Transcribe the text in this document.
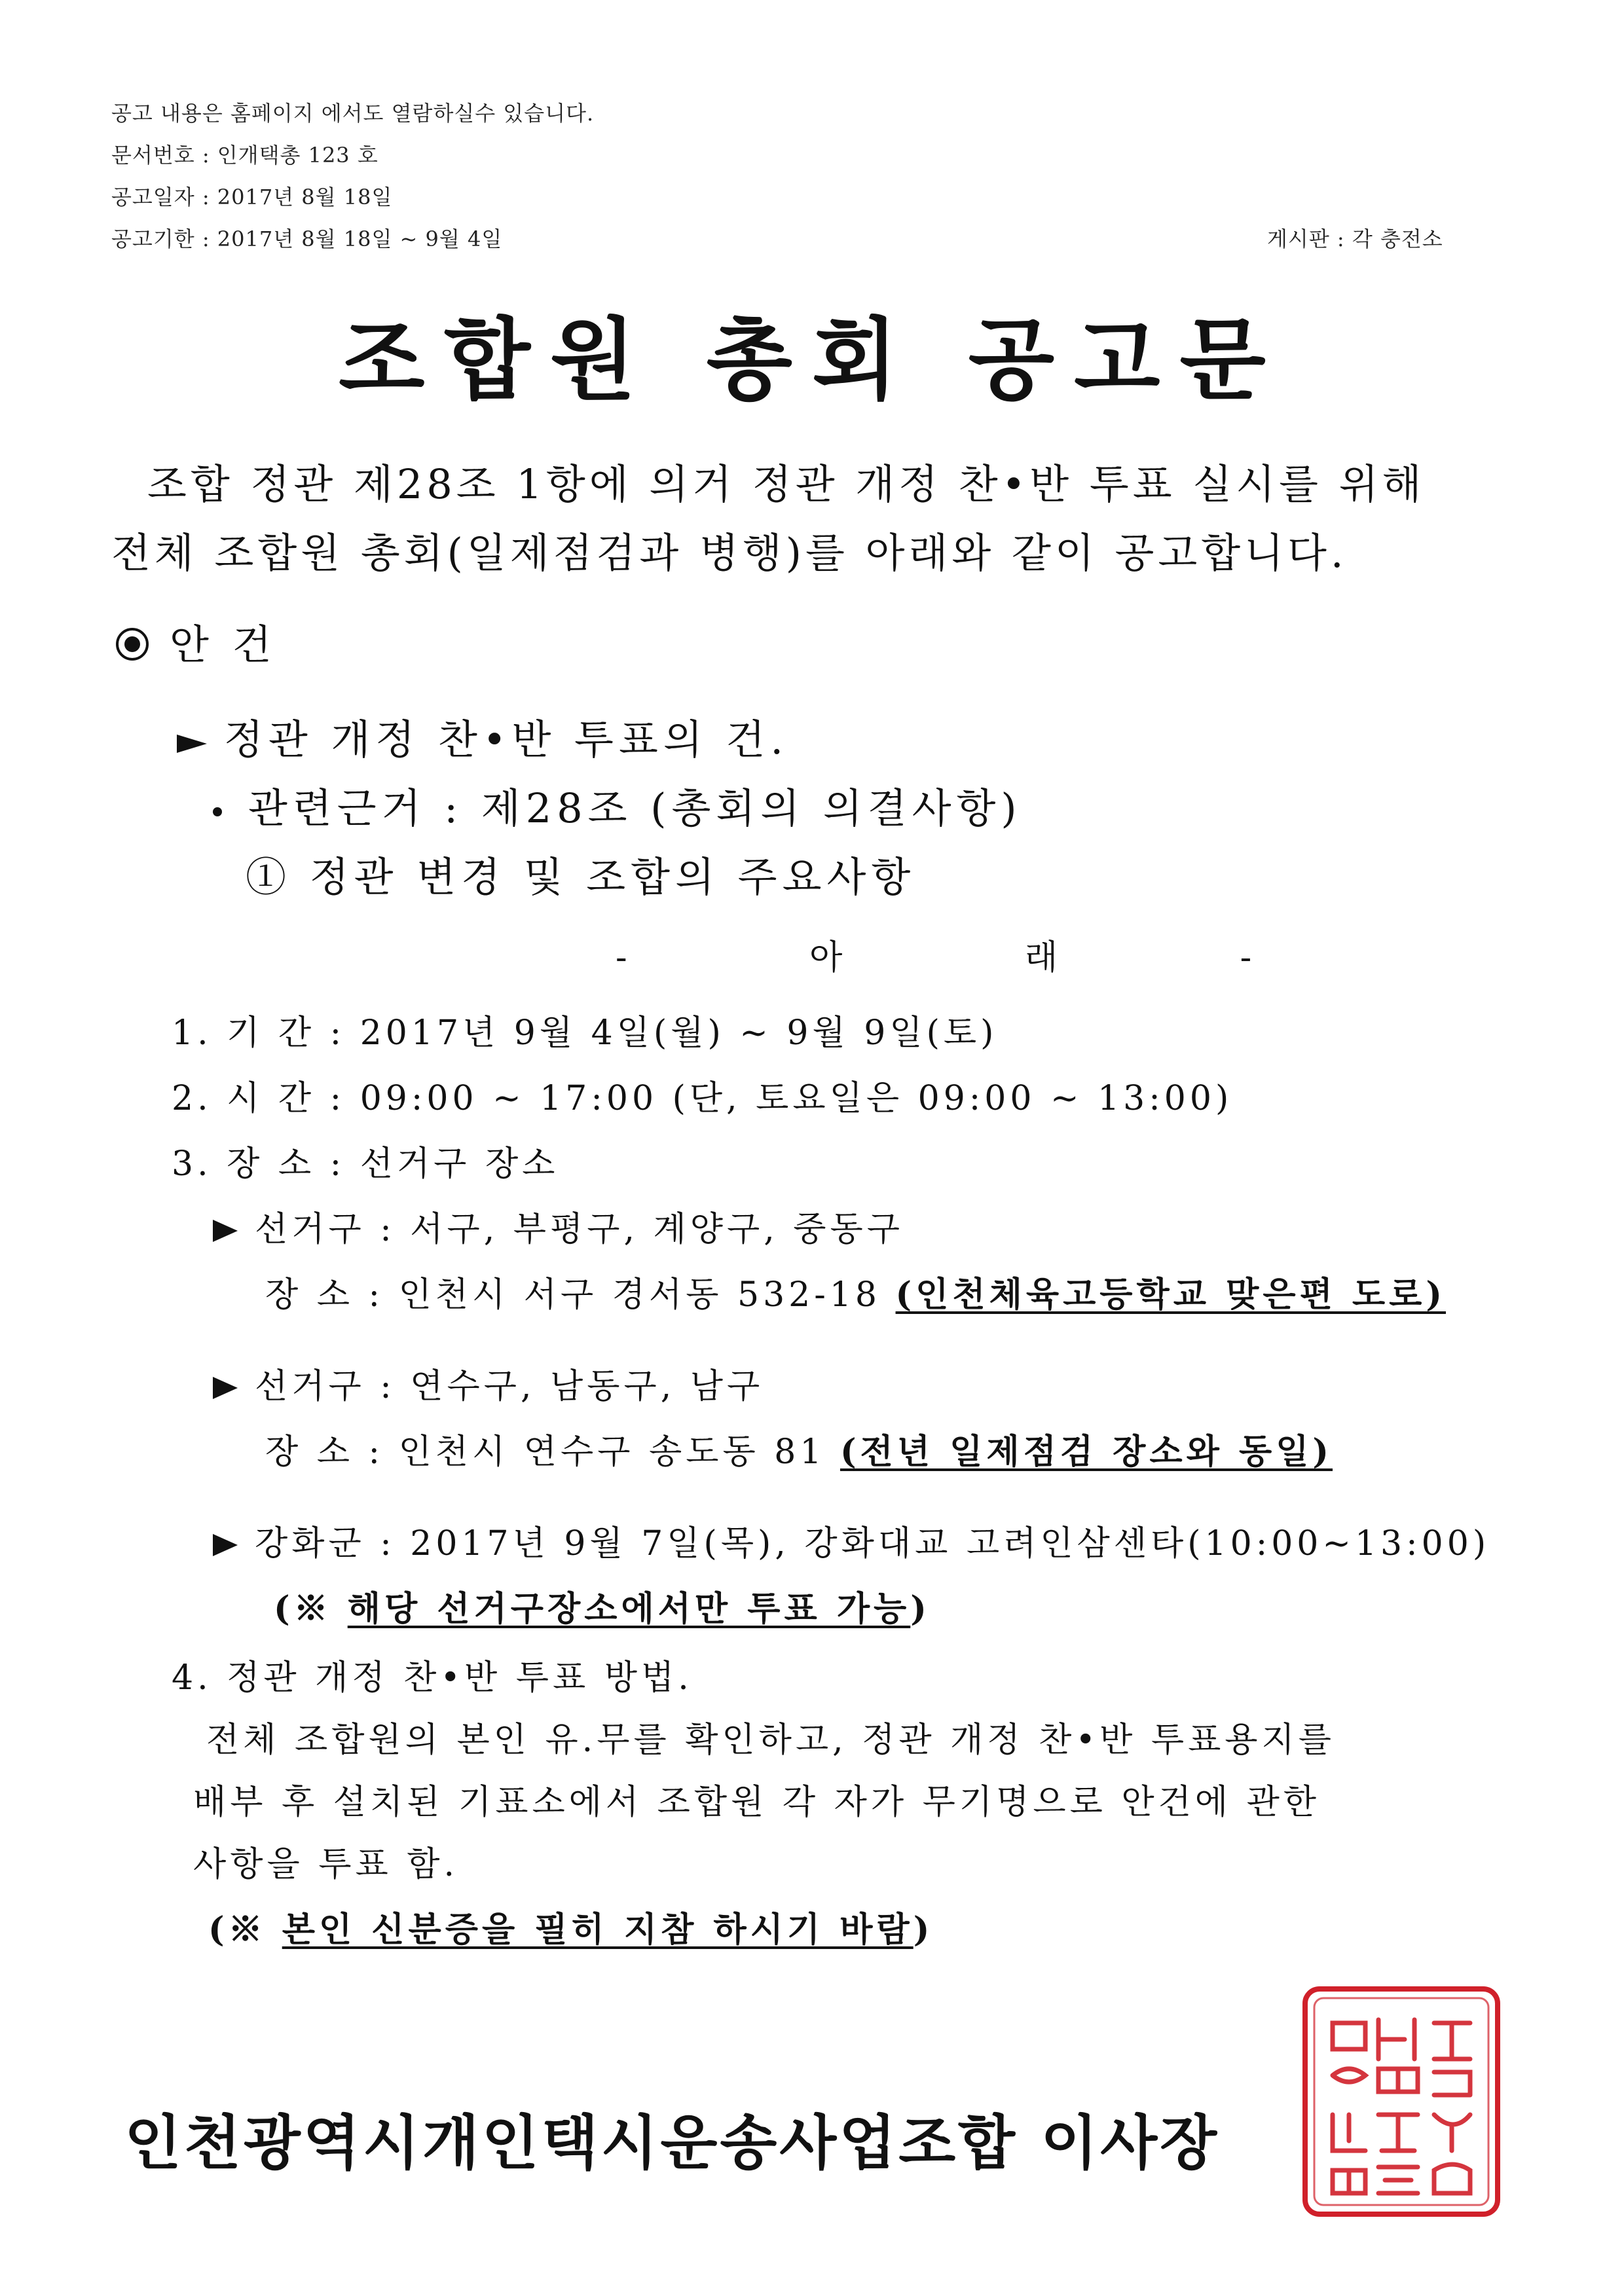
공고 내용은 홈페이지 에서도 열람하실수 있습니다.
문서번호 : 인개택총 123 호
공고일자 : 2017년 8월 18일
공고기한 : 2017년 8월 18일 ~ 9월 4일	게시판 : 각 충전소
조합원 총회 공고문
조합 정관 제28조 1항에 의거 정관 개정 찬•반 투표 실시를 위해
전체 조합원 총회(일제점검과 병행)를 아래와 같이 공고합니다.
안 건
정관 개정 찬•반 투표의 건.
관련근거 : 제28조 (총회의 의결사항)
① 정관 변경 및 조합의 주요사항
- 아 래 -
1. 기 간 : 2017년 9월 4일(월) ~ 9월 9일(토)
2. 시 간 : 09:00 ~ 17:00 (단, 토요일은 09:00 ~ 13:00)
3. 장 소 : 선거구 장소
선거구 : 서구, 부평구, 계양구, 중동구
장 소 : 인천시 서구 경서동 532-18 (인천체육고등학교 맞은편 도로)
선거구 : 연수구, 남동구, 남구
장 소 : 인천시 연수구 송도동 81 (전년 일제점검 장소와 동일)
강화군 : 2017년 9월 7일(목), 강화대교 고려인삼센타(10:00~13:00)
(※ 해당 선거구장소에서만 투표 가능)
4. 정관 개정 찬•반 투표 방법.
전체 조합원의 본인 유.무를 확인하고, 정관 개정 찬•반 투표용지를
배부 후 설치된 기표소에서 조합원 각 자가 무기명으로 안건에 관한
사항을 투표 함.
(※ 본인 신분증을 필히 지참 하시기 바람)
인천광역시개인택시운송사업조합 이사장
